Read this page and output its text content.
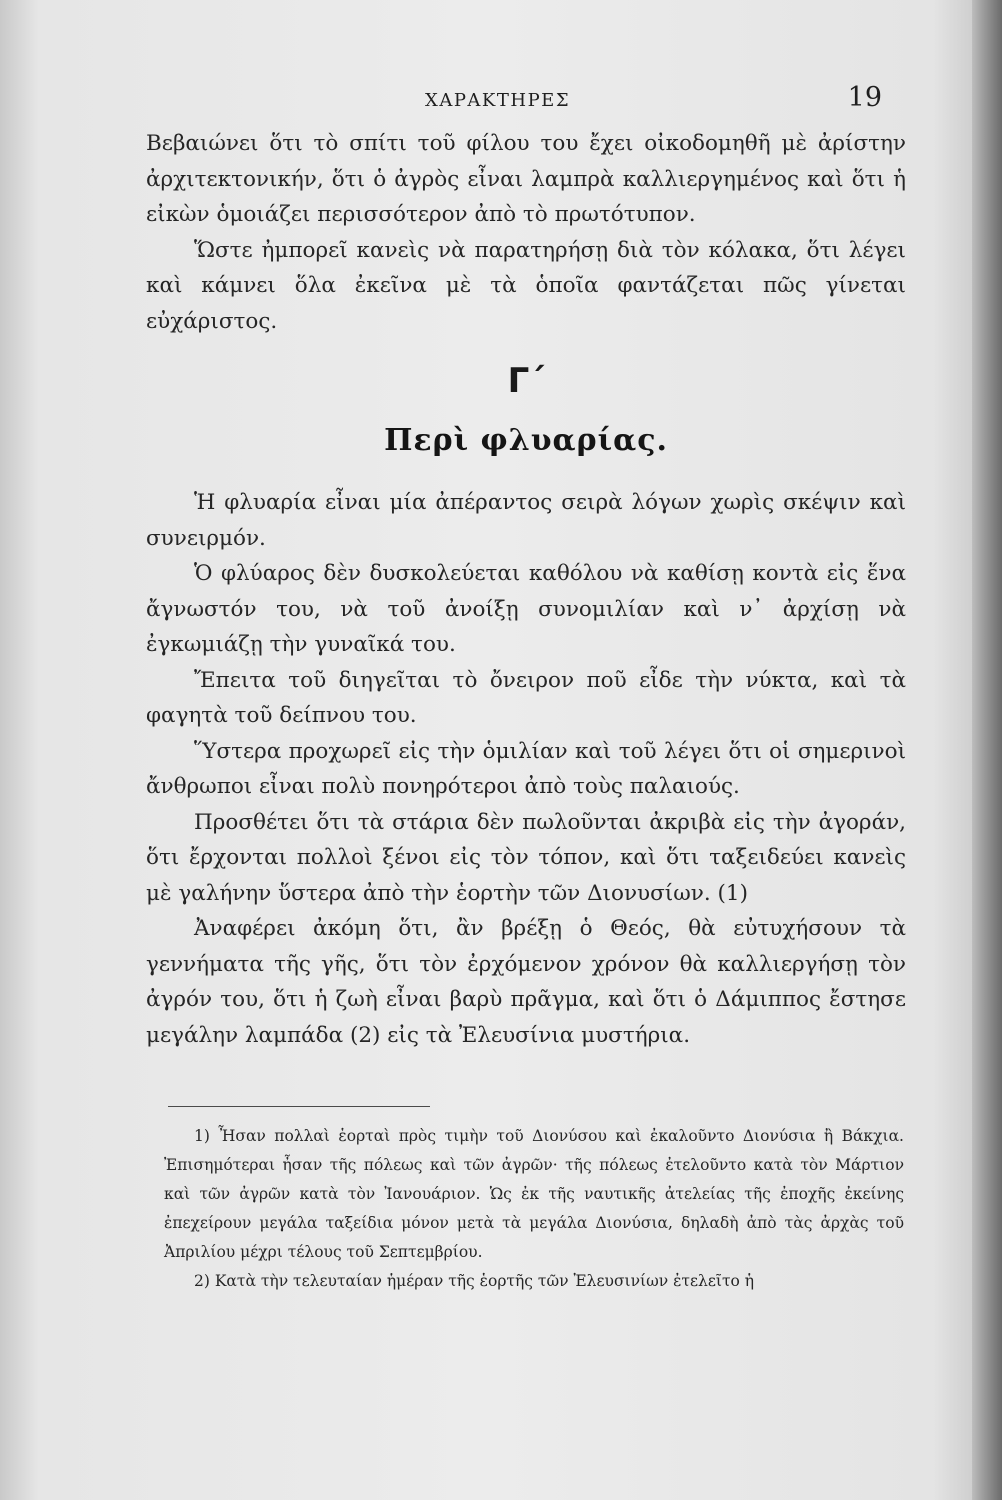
ΧΑΡΑΚΤΗΡΕΣ	19

Βεβαιώνει ὅτι τὸ σπίτι τοῦ φίλου του ἔχει οἰκοδομηθῆ μὲ ἀρίστην ἀρχιτεκτονικήν, ὅτι ὁ ἀγρὸς εἶναι λαμπρὰ καλλιεργημένος καὶ ὅτι ἡ εἰκὼν ὁμοιάζει περισσότερον ἀπὸ τὸ πρωτότυπον.

Ὥστε ἠμπορεῖ κανεὶς νὰ παρατηρήσῃ διὰ τὸν κόλακα, ὅτι λέγει καὶ κάμνει ὅλα ἐκεῖνα μὲ τὰ ὁποῖα φαντάζεται πῶς γίνεται εὐχάριστος.

Γ΄
Περὶ φλυαρίας.

Ἡ φλυαρία εἶναι μία ἀπέραντος σειρὰ λόγων χωρὶς σκέψιν καὶ συνειρμόν.

Ὁ φλύαρος δὲν δυσκολεύεται καθόλου νὰ καθίσῃ κοντὰ εἰς ἕνα ἄγνωστόν του, νὰ τοῦ ἀνοίξῃ συνομιλίαν καὶ ν᾽ ἀρχίσῃ νὰ ἐγκωμιάζῃ τὴν γυναῖκά του.

Ἔπειτα τοῦ διηγεῖται τὸ ὄνειρον ποῦ εἶδε τὴν νύκτα, καὶ τὰ φαγητὰ τοῦ δείπνου του.

Ὕστερα προχωρεῖ εἰς τὴν ὁμιλίαν καὶ τοῦ λέγει ὅτι οἱ σημερινοὶ ἄνθρωποι εἶναι πολὺ πονηρότεροι ἀπὸ τοὺς παλαιούς.

Προσθέτει ὅτι τὰ στάρια δὲν πωλοῦνται ἀκριβὰ εἰς τὴν ἀγοράν, ὅτι ἔρχονται πολλοὶ ξένοι εἰς τὸν τόπον, καὶ ὅτι ταξειδεύει κανεὶς μὲ γαλήνην ὕστερα ἀπὸ τὴν ἑορτὴν τῶν Διονυσίων. (1)

Ἀναφέρει ἀκόμη ὅτι, ἂν βρέξῃ ὁ Θεός, θὰ εὐτυχήσουν τὰ γεννήματα τῆς γῆς, ὅτι τὸν ἐρχόμενον χρόνον θὰ καλλιεργήσῃ τὸν ἀγρόν του, ὅτι ἡ ζωὴ εἶναι βαρὺ πρᾶγμα, καὶ ὅτι ὁ Δάμιππος ἔστησε μεγάλην λαμπάδα (2) εἰς τὰ Ἐλευσίνια μυστήρια.

1) Ἦσαν πολλαὶ ἑορταὶ πρὸς τιμὴν τοῦ Διονύσου καὶ ἐκαλοῦντο Διονύσια ἢ Βάκχια. Ἐπισημότεραι ἦσαν τῆς πόλεως καὶ τῶν ἀγρῶν· τῆς πόλεως ἐτελοῦντο κατὰ τὸν Μάρτιον καὶ τῶν ἀγρῶν κατὰ τὸν Ἰανουάριον. Ὡς ἐκ τῆς ναυτικῆς ἀτελείας τῆς ἐποχῆς ἐκείνης ἐπεχείρουν μεγάλα ταξείδια μόνον μετὰ τὰ μεγάλα Διονύσια, δηλαδὴ ἀπὸ τὰς ἀρχὰς τοῦ Ἀπριλίου μέχρι τέλους τοῦ Σεπτεμβρίου.

2) Κατὰ τὴν τελευταίαν ἡμέραν τῆς ἑορτῆς τῶν Ἐλευσινίων ἐτελεῖτο ἡ
